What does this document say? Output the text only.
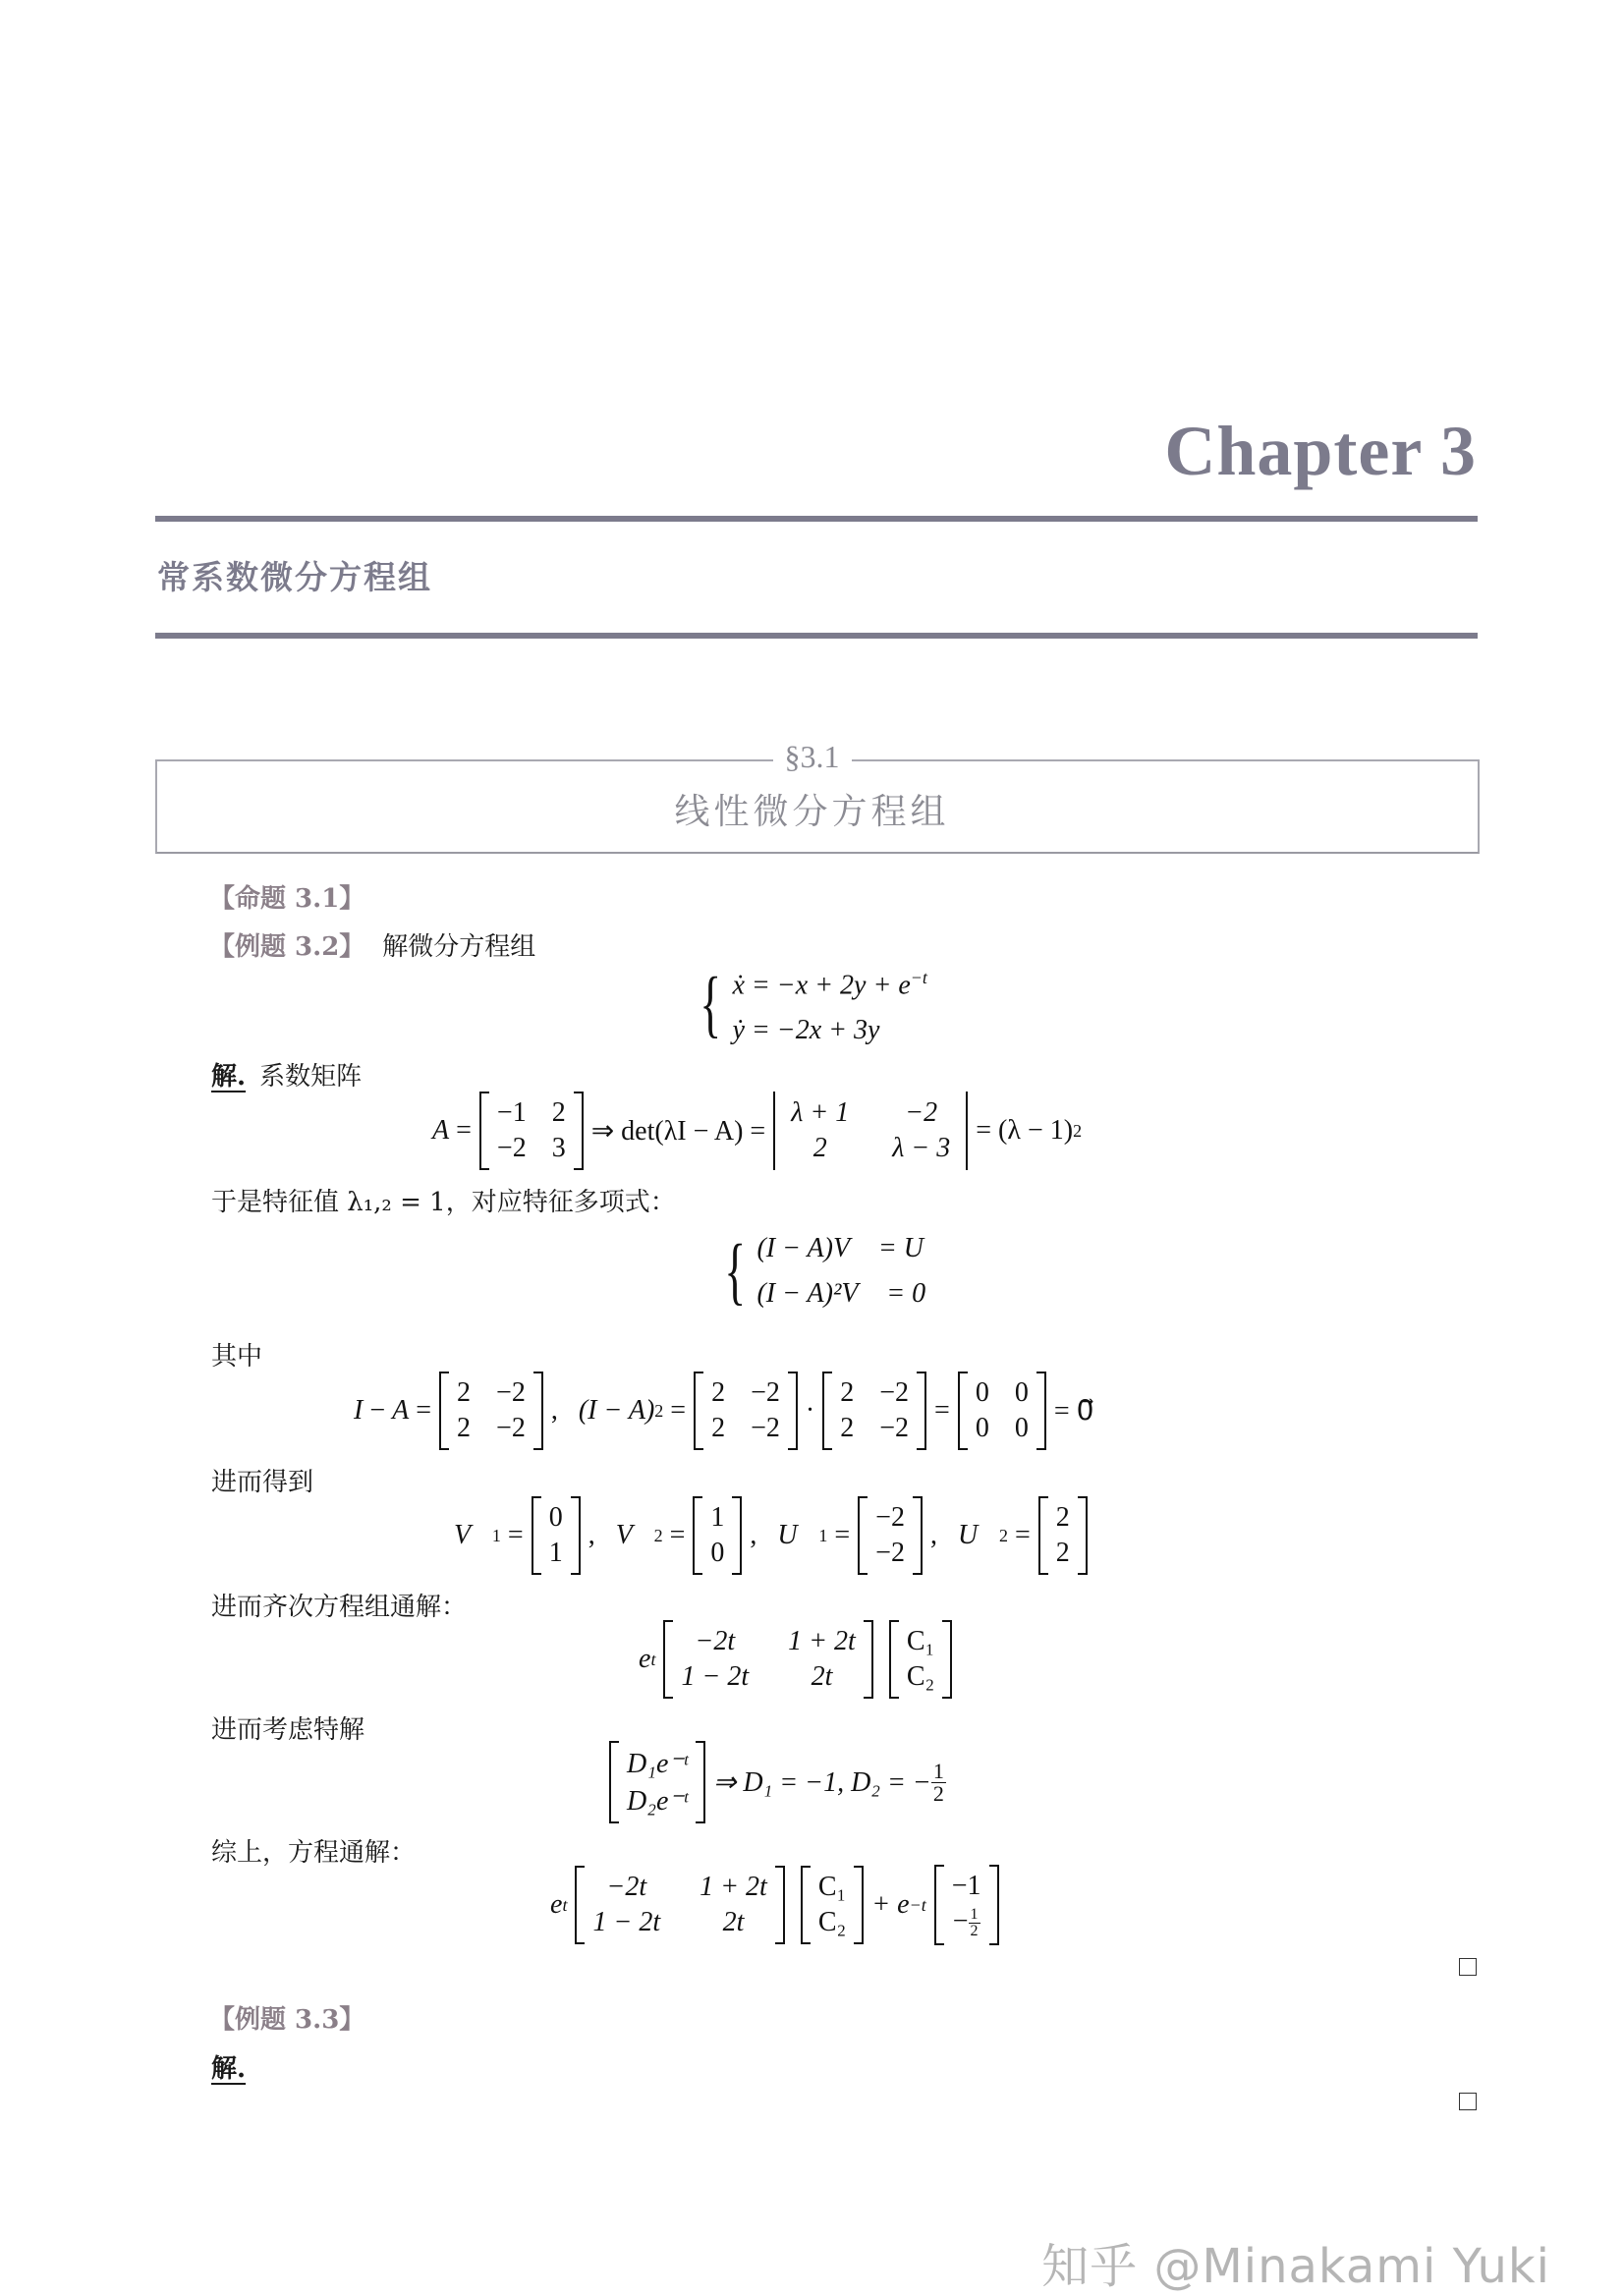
Chapter 3
常系数微分方程组
§3.1
线性微分方程组
【命题 3.1】
【例题 3.2】 解微分方程组
{ ẋ = $-x + 2y + e^{-t}$
ẏ = −2x + 3y
解. 系数矩阵
A =
−1 2
−2 3
⇒ det(λI − A) =
λ + 1	−2
2	λ − 3
= (λ − 1) 2
于是特征值 λ₁,₂ = 1，对应特征多项式：
{ (I − A)V⃗ = U⃗
(I − A)²V⃗ = 0⃗
其中
I − A =
2 −2
2 −2
, (I − A) 2 =
2 −2
2 −2
·
2 −2
2 −2
=
0 0
0 0
= 0⃗
进而得到
V⃗ 1 =
0
1
, V⃗ 2 =
1
0
, U⃗ 1 =
−2
−2
, U⃗ 2 =
2
2
进而齐次方程组通解：
e t
−2t	1 + 2t
1 − 2t	2t
C₁
C₂
进而考虑特解
D₁e⁻ᵗ
D₂e⁻ᵗ
⇒ D₁ = −1, D₂ = − $\frac{1}{2}$
综上，方程通解：
e t
−2t	1 + 2t
1 − 2t	2t
C₁
C₂
+ e −t
−1
− $\frac{1}{2}$
【例题 3.3】
解.
知乎 @Minakami Yuki
